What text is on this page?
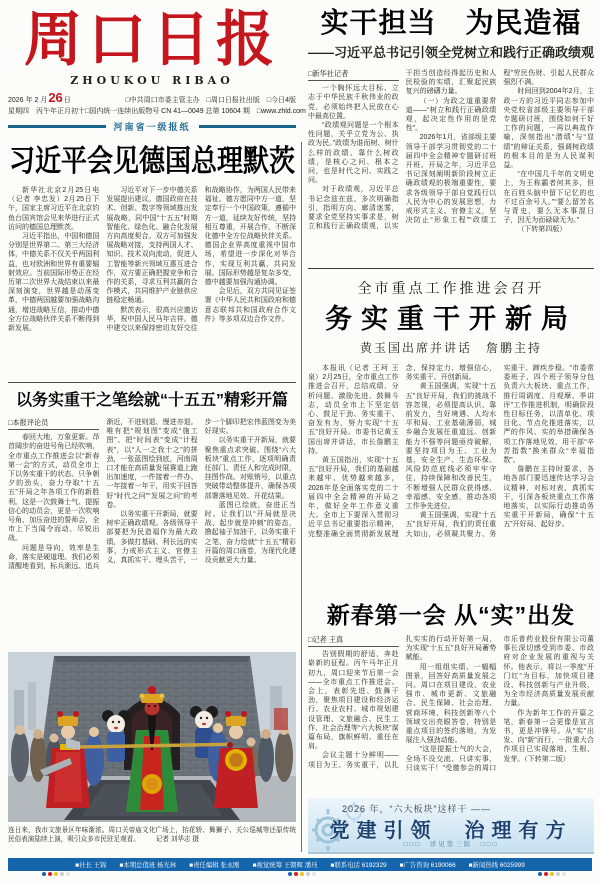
周口日报
ZHOUKOU RIBAO
2026 年 2 月26日	□中共周口市委主管主办　□周口日报社出版　□今日4版
星期四　丙午年正月初十 □国内统一连续出版物号 CN 41—0049 总第 10604 期　□www.zhld.com
河南省一级报纸
实干担当　为民造福
——习近平总书记引领全党树立和践行正确政绩观
□新华社记者

一个胸怀远大目标、立志于中华民族千秋伟业的政党，必须始终把人民放在心中最高位置。

“政绩观问题是一个根本性问题，关乎立党为公、执政为民。”政绩为谁而树、树什么样的政绩、靠什么树政绩，是核心之问、根本之问，也是时代之问、实践之问。

对于政绩观，习近平总书记念兹在兹、多次明确指引，指明方向、廓清迷雾，要求全党坚持实事求是，树立和践行正确政绩观，以实干担当创造经得起历史和人民检验的实绩，汇聚起民族复兴的磅礴力量。

（一）为政之道重要常道——“树立和践行正确政绩观，起决定性作用的是党性”。

2026年1月，省部级主要领导干部学习贯彻党的二十届四中全会精神专题研讨班开班。开局之年，习近平总书记深刻阐明新阶段树立正确政绩观的极端重要性，要求各级领导干部自觉践行以人民为中心的发展思想，力戒形式主义、官僚主义，坚决防止“形象工程”“政绩工程”劳民伤财、引起人民群众强烈不满。

时间回到2004年2月，主政一方的习近平同志参加中央党校省部级主要领导干部专题研讨班，围绕如何干好工作的问题，一再以典故作喻，深刻指出“潜绩”与“显绩”的辩证关系，强调树政绩的根本目的是为人民谋利益。

“在中国几千年的文明史上，为王称霸者何其多，但在百姓头脑中留下记忆的也不过百余号人。”“要么留芳名与青史，要么无本事混日子，因无为而碌碌无为。”

（下转第四版）

习近平会见德国总理默茨

新华社北京2月25日电（记者 李忠发）2月25日下午，国家主席习近平在北京钓鱼台国宾馆会见来华进行正式访问的德国总理默茨。

习近平指出，中国和德国分别是世界第二、第三大经济体，中德关系不仅关乎两国利益，也对欧洲和世界有重要辐射效应。当前国际形势正在经历第二次世界大战结束以来最深刻演变，世界越是动荡变革，中德两国越要加强战略沟通，增进战略互信，推动中德全方位战略伙伴关系不断得到新发展。

习近平对下一步中德关系发展提出建议。德国政府在技术、创新、数字等领域推出发展战略，同中国“十五五”时期智能化、绿色化、融合化发展方向高度契合。双方可加强发展战略对接，支持两国人才、知识、技术双向流动，促进人工智能等新兴领域互惠互进合作，双方要正确把握竞争和合作的关系，寻求互利共赢的合作模式，共同维护产业链供应链稳定畅通。

默茨表示，很高兴应邀访华，祝中国人民马年吉祥。德中建交以来保持密切友好交往和战略协作，为两国人民带来福祉。德方愿同中方一道，坚定奉行一个中国政策，遵循中方一道，延续友好传统，坚持相互尊重，开展合作，不断深化德中全方位战略伙伴关系。德国企业界高度重视中国市场，希望进一步深化对华合作，实现互利共赢，共同发展。国际形势越是复杂多变，德中越要加强沟通协调。

会见后，双方共同见证签署《中华人民共和国政府和德意志联邦共和国政府合作文件》等多项双边合作文件。

以务实重干之笔绘就“十五五”精彩开篇
□本报评论员

春回大地，万象更新。昂首阔步的奋进号角已经吹响，全市重点工作推进会以“新春第一会”的方式，动员全市上下以务实重干的状态、只争朝夕的劲头，奋力夺取“十五五”开局之年各项工作的新胜利。这是一次鼓舞士气、提振信心的动员会，更是一次吹响号角、加压奋进的誓师会，全市上下当闻令而动、尽锐出战。

问题是导向，效率是生命，落实是硬道理。我们必须清醒地看到，标兵渐远、追兵渐近，不进则退、慢进亦退。唯有把“规划图”变成“施工图”、把“时间表”变成“计程表”，以“人一之我十之”的拼劲，一张蓝图绘到底，河南周口才能在高质量发展赛道上跑出加速度，一件接着一件办、一年接着一年干，用实干回答好“时代之问”“发展之问”的考卷。

以务实重干开新局，就要树牢正确政绩观。各级领导干部要把为民造福作为最大政绩，多做打基础、利长远的实事，力戒形式主义、官僚主义，真抓实干、埋头苦干，一步一个脚印把宏伟蓝图变为美好现实。

以务实重干开新局，就要聚焦重点求突破。围绕“六大板块”重点工作，逐项明确责任部门、责任人和完成时限，挂图作战、对账销号，以重点突破带动整体提升，确保各项部署落地见效、开花结果。

蓝图已绘就，奋进正当时。让我们以“开局就是决战、起步就是冲刺”的姿态，撸起袖子加油干，以务实重干之笔，奋力绘就“十五五”精彩开篇的周口画卷，为现代化建设贡献更大力量。

连日来，我市文旅景区年味渐浓。周口关帝庙文化广场上，抬花轿、舞狮子、关公巡城等还原传统民俗表演陆续上演，吸引众多市民驻足观看。 记者 刘华志 摄
全市重点工作推进会召开
务实重干开新局
黄玉国出席并讲话　詹鹏主持

本报讯（记者 王珂 王泉）2月25日，全市重点工作推进会召开，总结成绩、分析问题、激励先进、鼓舞斗志，动员全市上下坚定信心、鼓足干劲、务实重干、奋发有为，努力实现“十五五”良好开局。市委书记黄玉国出席并讲话，市长詹鹏主持。

黄玉国指出，实现“十五五”良好开局，我们的基础越来越牢、优势越来越多，2026年是全面落实党的二十届四中全会精神的开局之年，做好全年工作意义重大。全市上下要深入贯彻习近平总书记重要指示精神，完整准确全面贯彻新发展理念，保持定力、增强信心，务实重干、开创新局。

黄玉国强调，实现“十五五”良好开局，我们的挑战不容忽视，必须提高认识、靠前发力，当好境遇、人均水平和局、工业基础薄弱，城乡融合发展任重道远。创新能力不强等问题亟待破解，要坚持项目为王、工业为基，安全生产、生态环保、风险防范底线必须牢牢守住，持续保障和改善民生，不断增强人民群众获得感、幸福感、安全感，推动各项工作争先进位。

黄玉国强调，实现“十五五”良好开局，我们的责任重大如山，必须凝共聚力、务实重干、蹄疾步稳。“市委常委班子、四个班子领导分包负责六大板块、重点工作，推行周调度、月观摩、季讲评”工作推进机制，明确阶段性目标任务，以清单化、项目化、节点化推进落实，以严的作风、实的举措确保各项工作落地见效，用干部“辛苦指数”换来群众“幸福指数”。

詹鹏在主持时要求，各地各部门要迅速传达学习会议精神，对标对表、真抓实干，引深各板块重点工作落地落实，以实际行动推动务实重干开新局，确保“十五五”开好局、起好步。

新春第一会 从“实”出发
□记者 王真

告别假期的舒适，奔赴崭新的征程。丙午马年正月初九，周口迎来节后第一会——全市重点工作推进会。会上，表彰先进、鼓舞干劲，聚焦项目建设和经济运行、农业农村、城市规划建设管理、文旅融合、民生工作、社会治理等“六大板块”谋篇布局，旗帜鲜明、重任在肩。

会议主题十分鲜明——项目为王、务实重干，以扎扎实实的行动开好第一局，为实现“十五五”良好开局蓄势赋能。

用一组组实绩、一幅幅图景，回答好高质量发展之问。周口在项目建设、农业强市、城市更新、文旅融合、民生保障、社会治理、营商环境、科技创新等八个领域交出亮眼答卷，特别是重点项目的签约落地，为发展注入强劲动能。

“这是提振士气的大会，全场不设交流、只讲实事，只谈实干！”受邀参会的周口市乐普药业股份有限公司董事长深切感受到市委、市政府对企业发展的重视与关怀。他表示，将以一季度“开门红”为目标，加快项目建设、科技创新与产业升级，为全市经济高质量发展贡献力量。

作为新年工作的开篇之笔，新春第一会更像是宣言书，更是冲锋号。从“实”出发、向“新”而行，一批重大合作项目已实现落地、生根、发芽。（下转第二版）

2026 年，“六大板块”这样干 ——
党建引领　治理有方
□□□　详见第三版　□□□
■社长 王锦 ■本期总值班 杨光林 ■责任编辑 张永刚 ■视觉统筹 王朝辉 潘珏 ■联系电话 6192329 ■广告咨询 6190066 ■新闻热线 6025999
